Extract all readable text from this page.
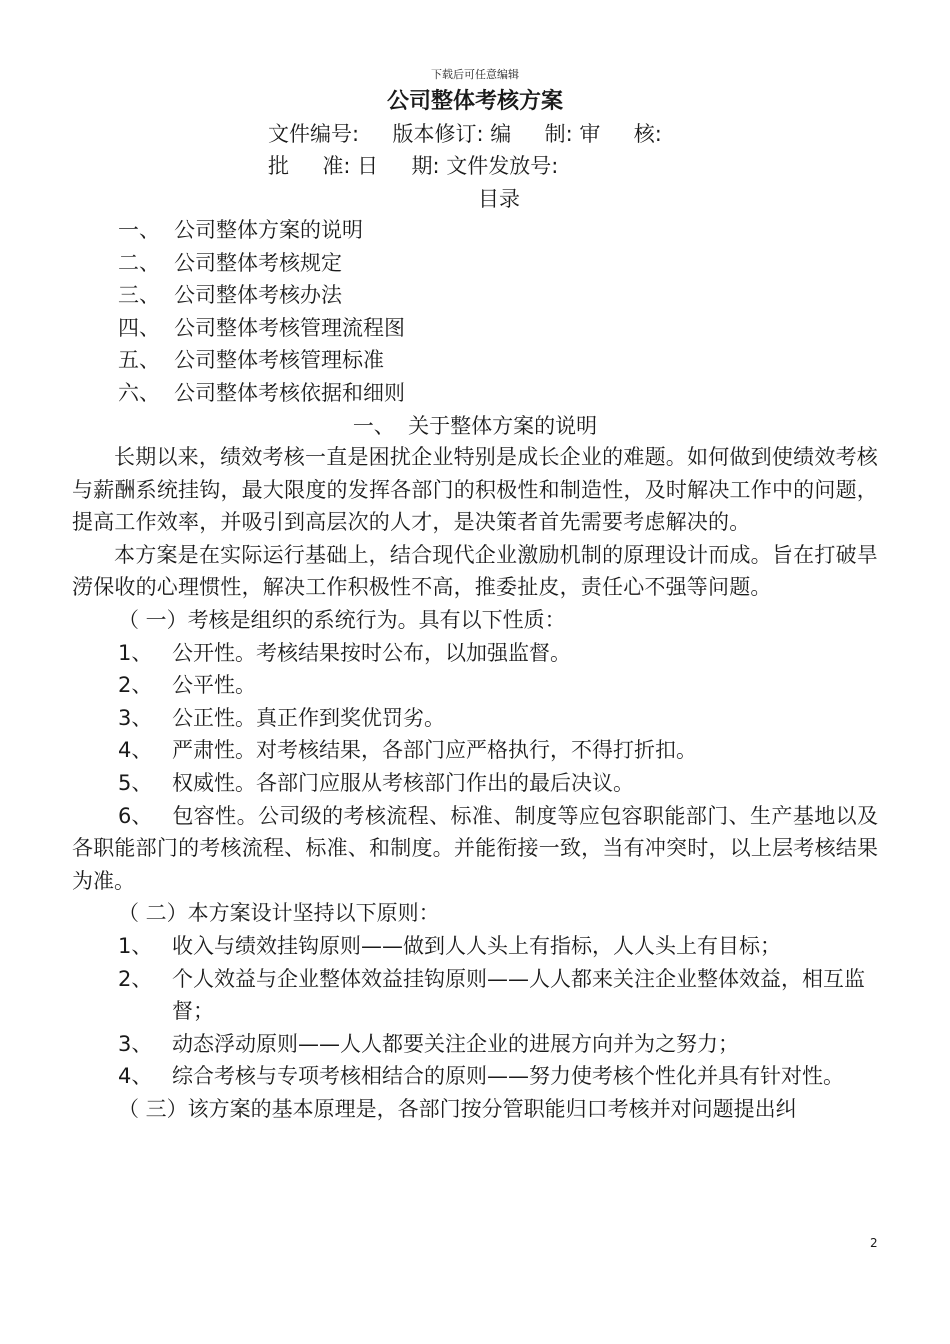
下载后可任意编辑
公司整体考核方案
文件编号:     版本修订: 编     制: 审     核:
批     准: 日     期: 文件发放号:
目录
一、 公司整体方案的说明
二、 公司整体考核规定
三、 公司整体考核办法
四、 公司整体考核管理流程图
五、 公司整体考核管理标准
六、 公司整体考核依据和细则
一、  关于整体方案的说明

长期以来，绩效考核一直是困扰企业特别是成长企业的难题。如何做到使绩效考核与薪酬系统挂钩，最大限度的发挥各部门的积极性和制造性，及时解决工作中的问题，提高工作效率，并吸引到高层次的人才，是决策者首先需要考虑解决的。

本方案是在实际运行基础上，结合现代企业激励机制的原理设计而成。旨在打破旱涝保收的心理惯性，解决工作积极性不高，推委扯皮，责任心不强等问题。

（ 一）考核是组织的系统行为。具有以下性质：

1、 公开性。考核结果按时公布，以加强监督。

2、 公平性。

3、 公正性。真正作到奖优罚劣。

4、 严肃性。对考核结果，各部门应严格执行，不得打折扣。

5、 权威性。各部门应服从考核部门作出的最后决议。

6、 包容性。公司级的考核流程、标准、制度等应包容职能部门、生产基地以及各职能部门的考核流程、标准、和制度。并能衔接一致，当有冲突时，以上层考核结果为准。

（ 二）本方案设计坚持以下原则：

1、 收入与绩效挂钩原则——做到人人头上有指标，人人头上有目标；

2、 个人效益与企业整体效益挂钩原则——人人都来关注企业整体效益，相互监督；

3、 动态浮动原则——人人都要关注企业的进展方向并为之努力；

4、 综合考核与专项考核相结合的原则——努力使考核个性化并具有针对性。

（ 三）该方案的基本原理是，各部门按分管职能归口考核并对问题提出纠

2
